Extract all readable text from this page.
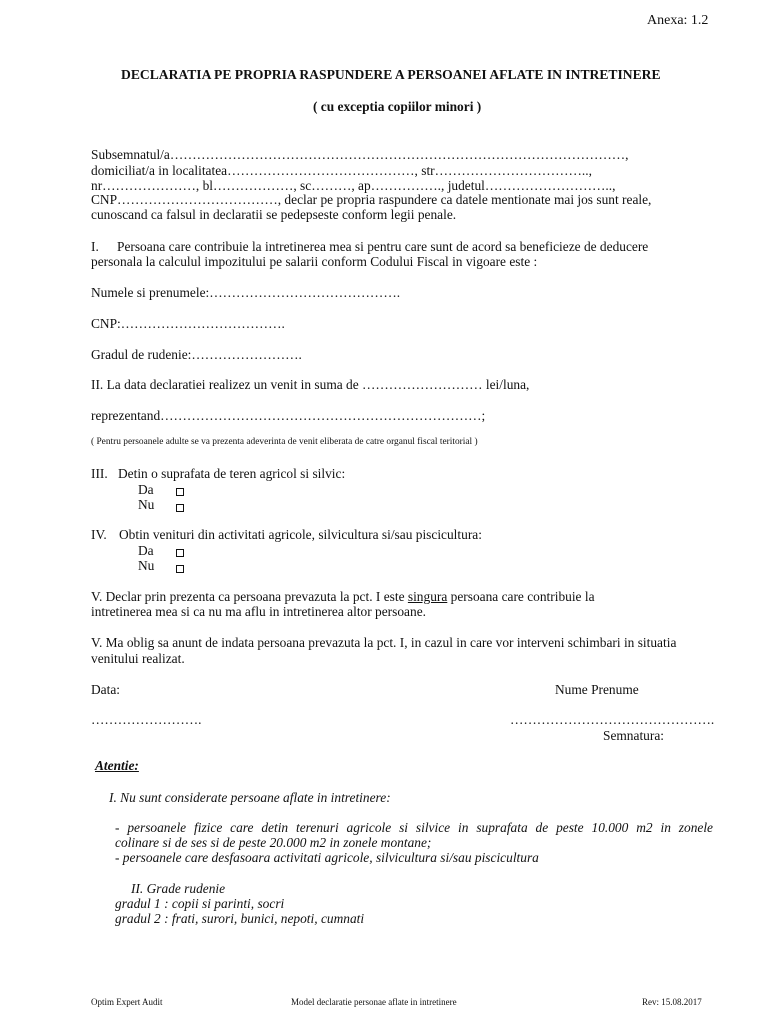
Anexa: 1.2
DECLARATIA PE PROPRIA RASPUNDERE A PERSOANEI AFLATE IN INTRETINERE
( cu exceptia copiilor minori )
Subsemnatul/a…………………………………………………………………………………………,
domiciliat/a in localitatea……………………………………, str……………………………..,
nr…………………, bl………………, sc………, ap……………., judetul………………………..,
CNP………………………………, declar pe propria raspundere ca datele mentionate mai jos sunt reale,
cunoscand ca falsul in declaratii se pedepseste conform legii penale.
I. Persoana care contribuie la intretinerea mea si pentru care sunt de acord sa beneficieze de deducere
personala la calculul impozitului pe salarii conform Codului Fiscal in vigoare este :
Numele si prenumele:…………………………………….
CNP:……………………………….
Gradul de rudenie:…………………….
II. La data declaratiei realizez un venit in suma de ……………………… lei/luna,
reprezentand………………………………………………………………;
( Pentru persoanele adulte se va prezenta adeverinta de venit eliberata de catre organul fiscal teritorial )
III. Detin o suprafata de teren agricol si silvic:
Da
Nu
IV. Obtin venituri din activitati agricole, silvicultura si/sau piscicultura:
Da
Nu
V. Declar prin prezenta ca persoana prevazuta la pct. I este singura persoana care contribuie la
intretinerea mea si ca nu ma aflu in intretinerea altor persoane.
V. Ma oblig sa anunt de indata persoana prevazuta la pct. I, in cazul in care vor interveni schimbari in situatia
venitului realizat.
Data:	Nume Prenume
…………………….	……………………………………….
Semnatura:
Atentie:
I. Nu sunt considerate persoane aflate in intretinere:
- persoanele fizice care detin terenuri agricole si silvice in suprafata de peste 10.000 m2 in zonele
colinare si de ses si de peste 20.000 m2 in zonele montane;
- persoanele care desfasoara activitati agricole, silvicultura si/sau piscicultura
II. Grade rudenie
gradul 1 : copii si parinti, socri
gradul 2 : frati, surori, bunici, nepoti, cumnati
Optim Expert Audit	Model declaratie personae aflate in intretinere	Rev: 15.08.2017
